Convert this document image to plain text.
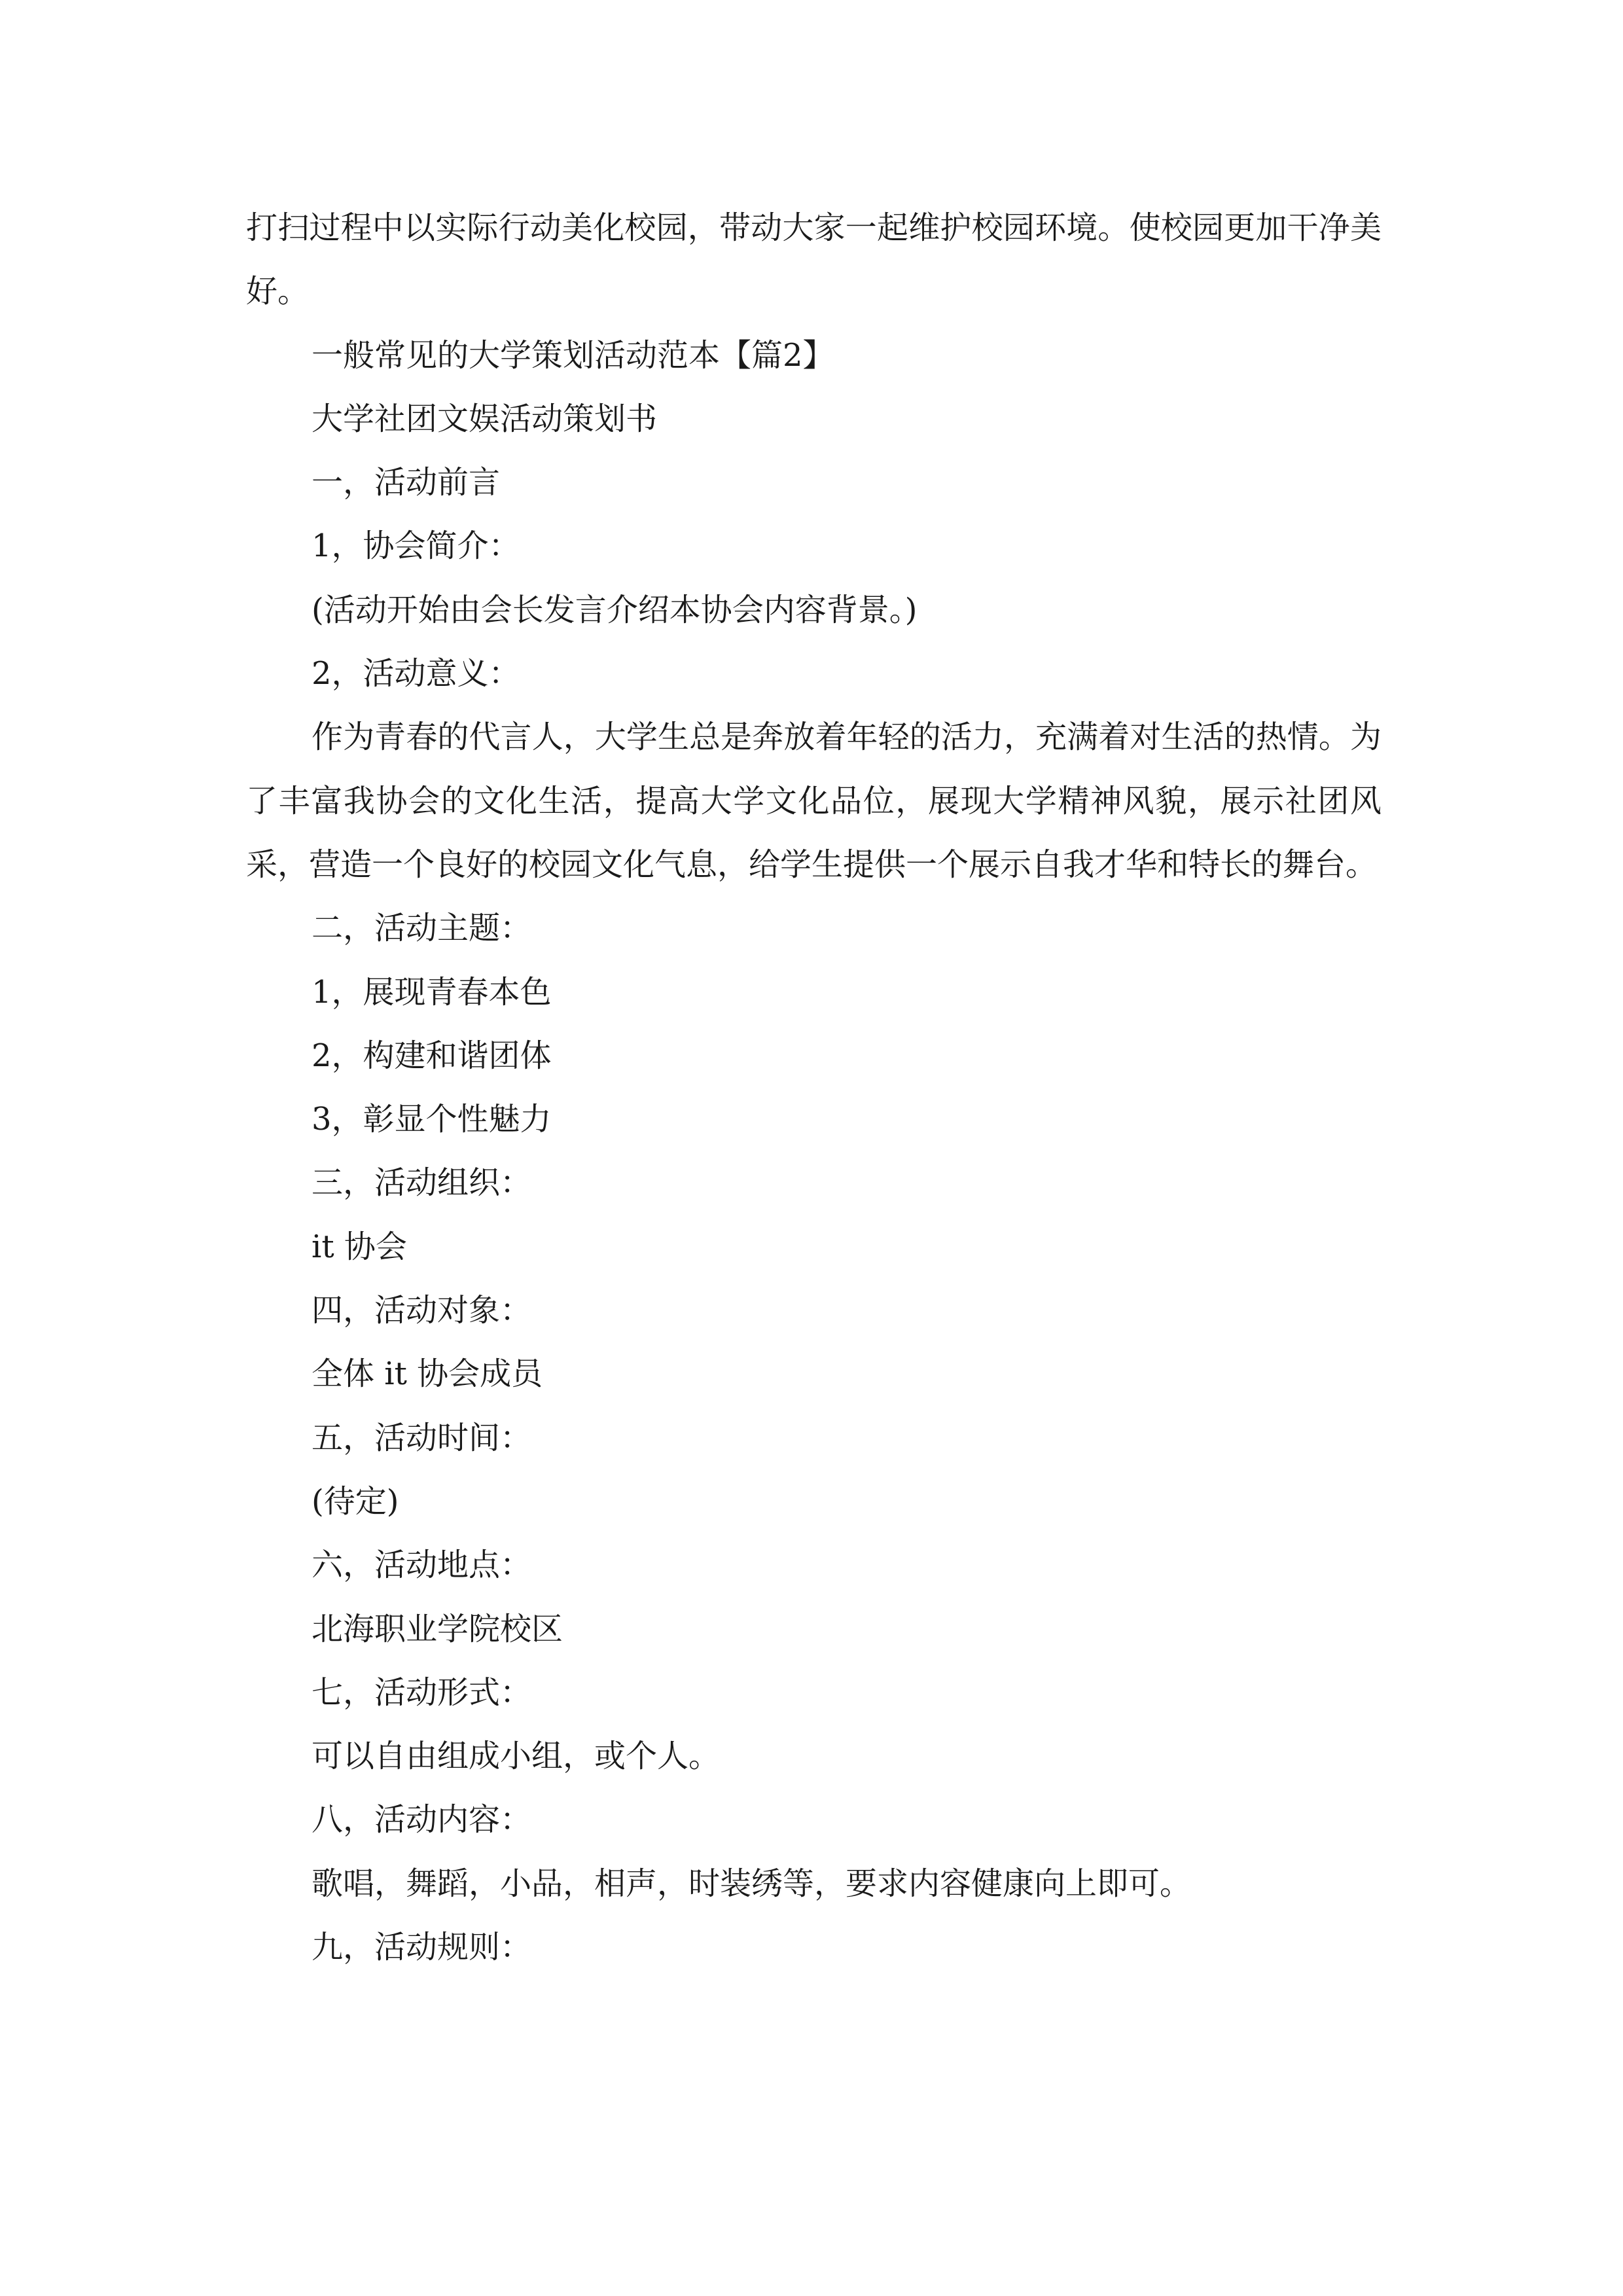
打扫过程中以实际行动美化校园，带动大家一起维护校园环境。使校园更加干净美好。

一般常见的大学策划活动范本【篇2】

大学社团文娱活动策划书

一，活动前言

1，协会简介：

(活动开始由会长发言介绍本协会内容背景。)

2，活动意义：

作为青春的代言人，大学生总是奔放着年轻的活力，充满着对生活的热情。为了丰富我协会的文化生活，提高大学文化品位，展现大学精神风貌，展示社团风采，营造一个良好的校园文化气息，给学生提供一个展示自我才华和特长的舞台。

二，活动主题：

1，展现青春本色

2，构建和谐团体

3，彰显个性魅力

三，活动组织：

it 协会

四，活动对象：

全体 it 协会成员

五，活动时间：

(待定)

六，活动地点：

北海职业学院校区

七，活动形式：

可以自由组成小组，或个人。

八，活动内容：

歌唱，舞蹈，小品，相声，时装绣等，要求内容健康向上即可。

九，活动规则：
